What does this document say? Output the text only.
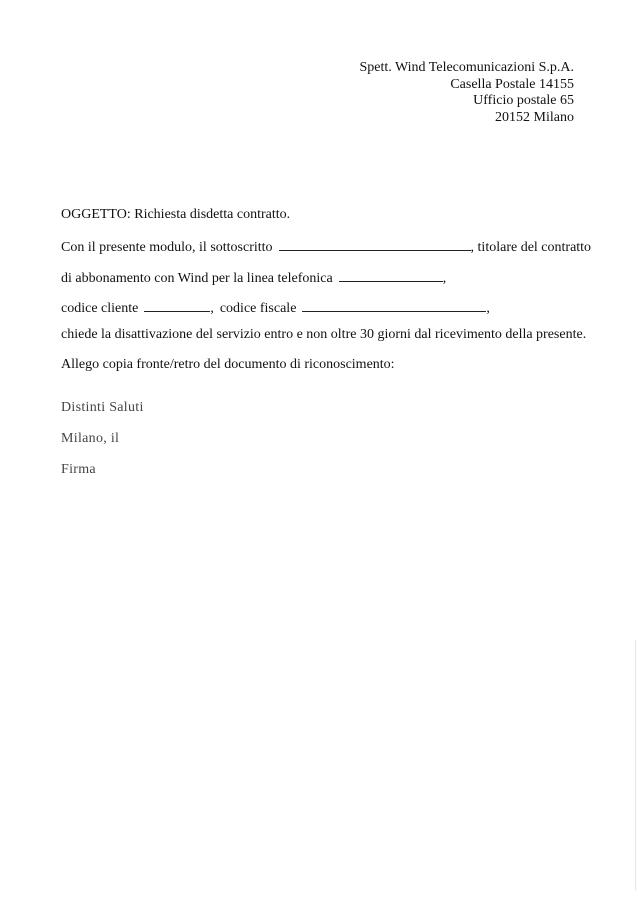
Spett. Wind Telecomunicazioni S.p.A.
Casella Postale 14155
Ufficio postale 65
20152 Milano
OGGETTO: Richiesta disdetta contratto.
Con il presente modulo, il sottoscritto	, titolare del contratto
di abbonamento con Wind per la linea telefonica	,
codice cliente	, codice fiscale	,
chiede la disattivazione del servizio entro e non oltre 30 giorni dal ricevimento della presente.
Allego copia fronte/retro del documento di riconoscimento:
Distinti Saluti
Milano, il
Firma
